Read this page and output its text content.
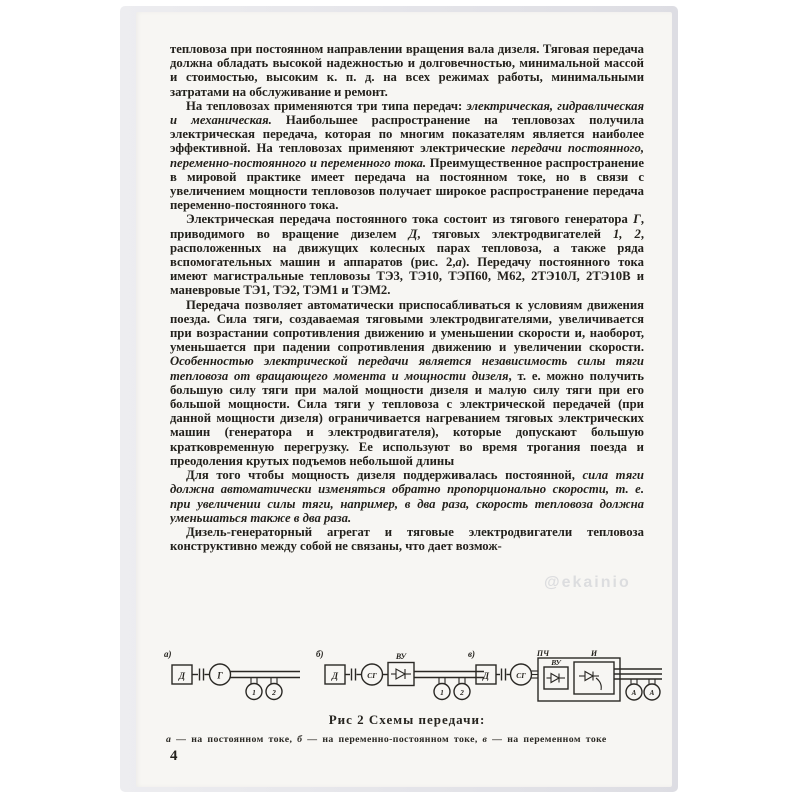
тепловоза при постоянном направлении вращения вала дизеля. Тяговая передача должна обладать высокой надежностью и долговечностью, минимальной массой и стоимостью, высоким к. п. д. на всех режимах работы, минимальными затратами на обслуживание и ремонт.

На тепловозах применяются три типа передач: электрическая, гидравлическая и механическая. Наибольшее распространение на тепловозах получила электрическая передача, которая по многим показателям является наиболее эффективной. На тепловозах применяют электрические передачи постоянного, переменно-постоянного и переменного тока. Преимущественное распространение в мировой практике имеет передача на постоянном токе, но в связи с увеличением мощности тепловозов получает широкое распространение передача переменно-постоянного тока.

Электрическая передача постоянного тока состоит из тягового генератора Г, приводимого во вращение дизелем Д, тяговых электродвигателей 1, 2, расположенных на движущих колесных парах тепловоза, а также ряда вспомогательных машин и аппаратов (рис. 2,а). Передачу постоянного тока имеют магистральные тепловозы ТЭ3, ТЭ10, ТЭП60, М62, 2ТЭ10Л, 2ТЭ10В и маневровые ТЭ1, ТЭ2, ТЭМ1 и ТЭМ2.

Передача позволяет автоматически приспосабливаться к условиям движения поезда. Сила тяги, создаваемая тяговыми электродвигателями, увеличивается при возрастании сопротивления движению и уменьшении скорости и, наоборот, уменьшается при падении сопротивления движению и увеличении скорости. Особенностью электрической передачи является независимость силы тяги тепловоза от вращающего момента и мощности дизеля, т. е. можно получить большую силу тяги при малой мощности дизеля и малую силу тяги при его большой мощности. Сила тяги у тепловоза с электрической передачей (при данной мощности дизеля) ограничивается нагреванием тяговых электрических машин (генератора и электродвигателя), которые допускают большую кратковременную перегрузку. Ее используют во время трогания поезда и преодоления крутых подъемов небольшой длины

Для того чтобы мощность дизеля поддерживалась постоянной, сила тяги должна автоматически изменяться обратно пропорционально скорости, т. е. при увеличении силы тяги, например, в два раза, скорость тепловоза должна уменьшаться также в два раза.

Дизель-генераторный агрегат и тяговые электродвигатели тепловоза конструктивно между собой не связаны, что дает возмож-

@ekainio
а)
Д	Г
1 2
б)
Д	СГ
ВУ
1 2
в)
Д	СГ
ПЧ
ВУ
И
А А
Рис 2 Схемы передачи:
а — на постоянном токе, б — на переменно-постоянном токе, в — на переменном токе
4
